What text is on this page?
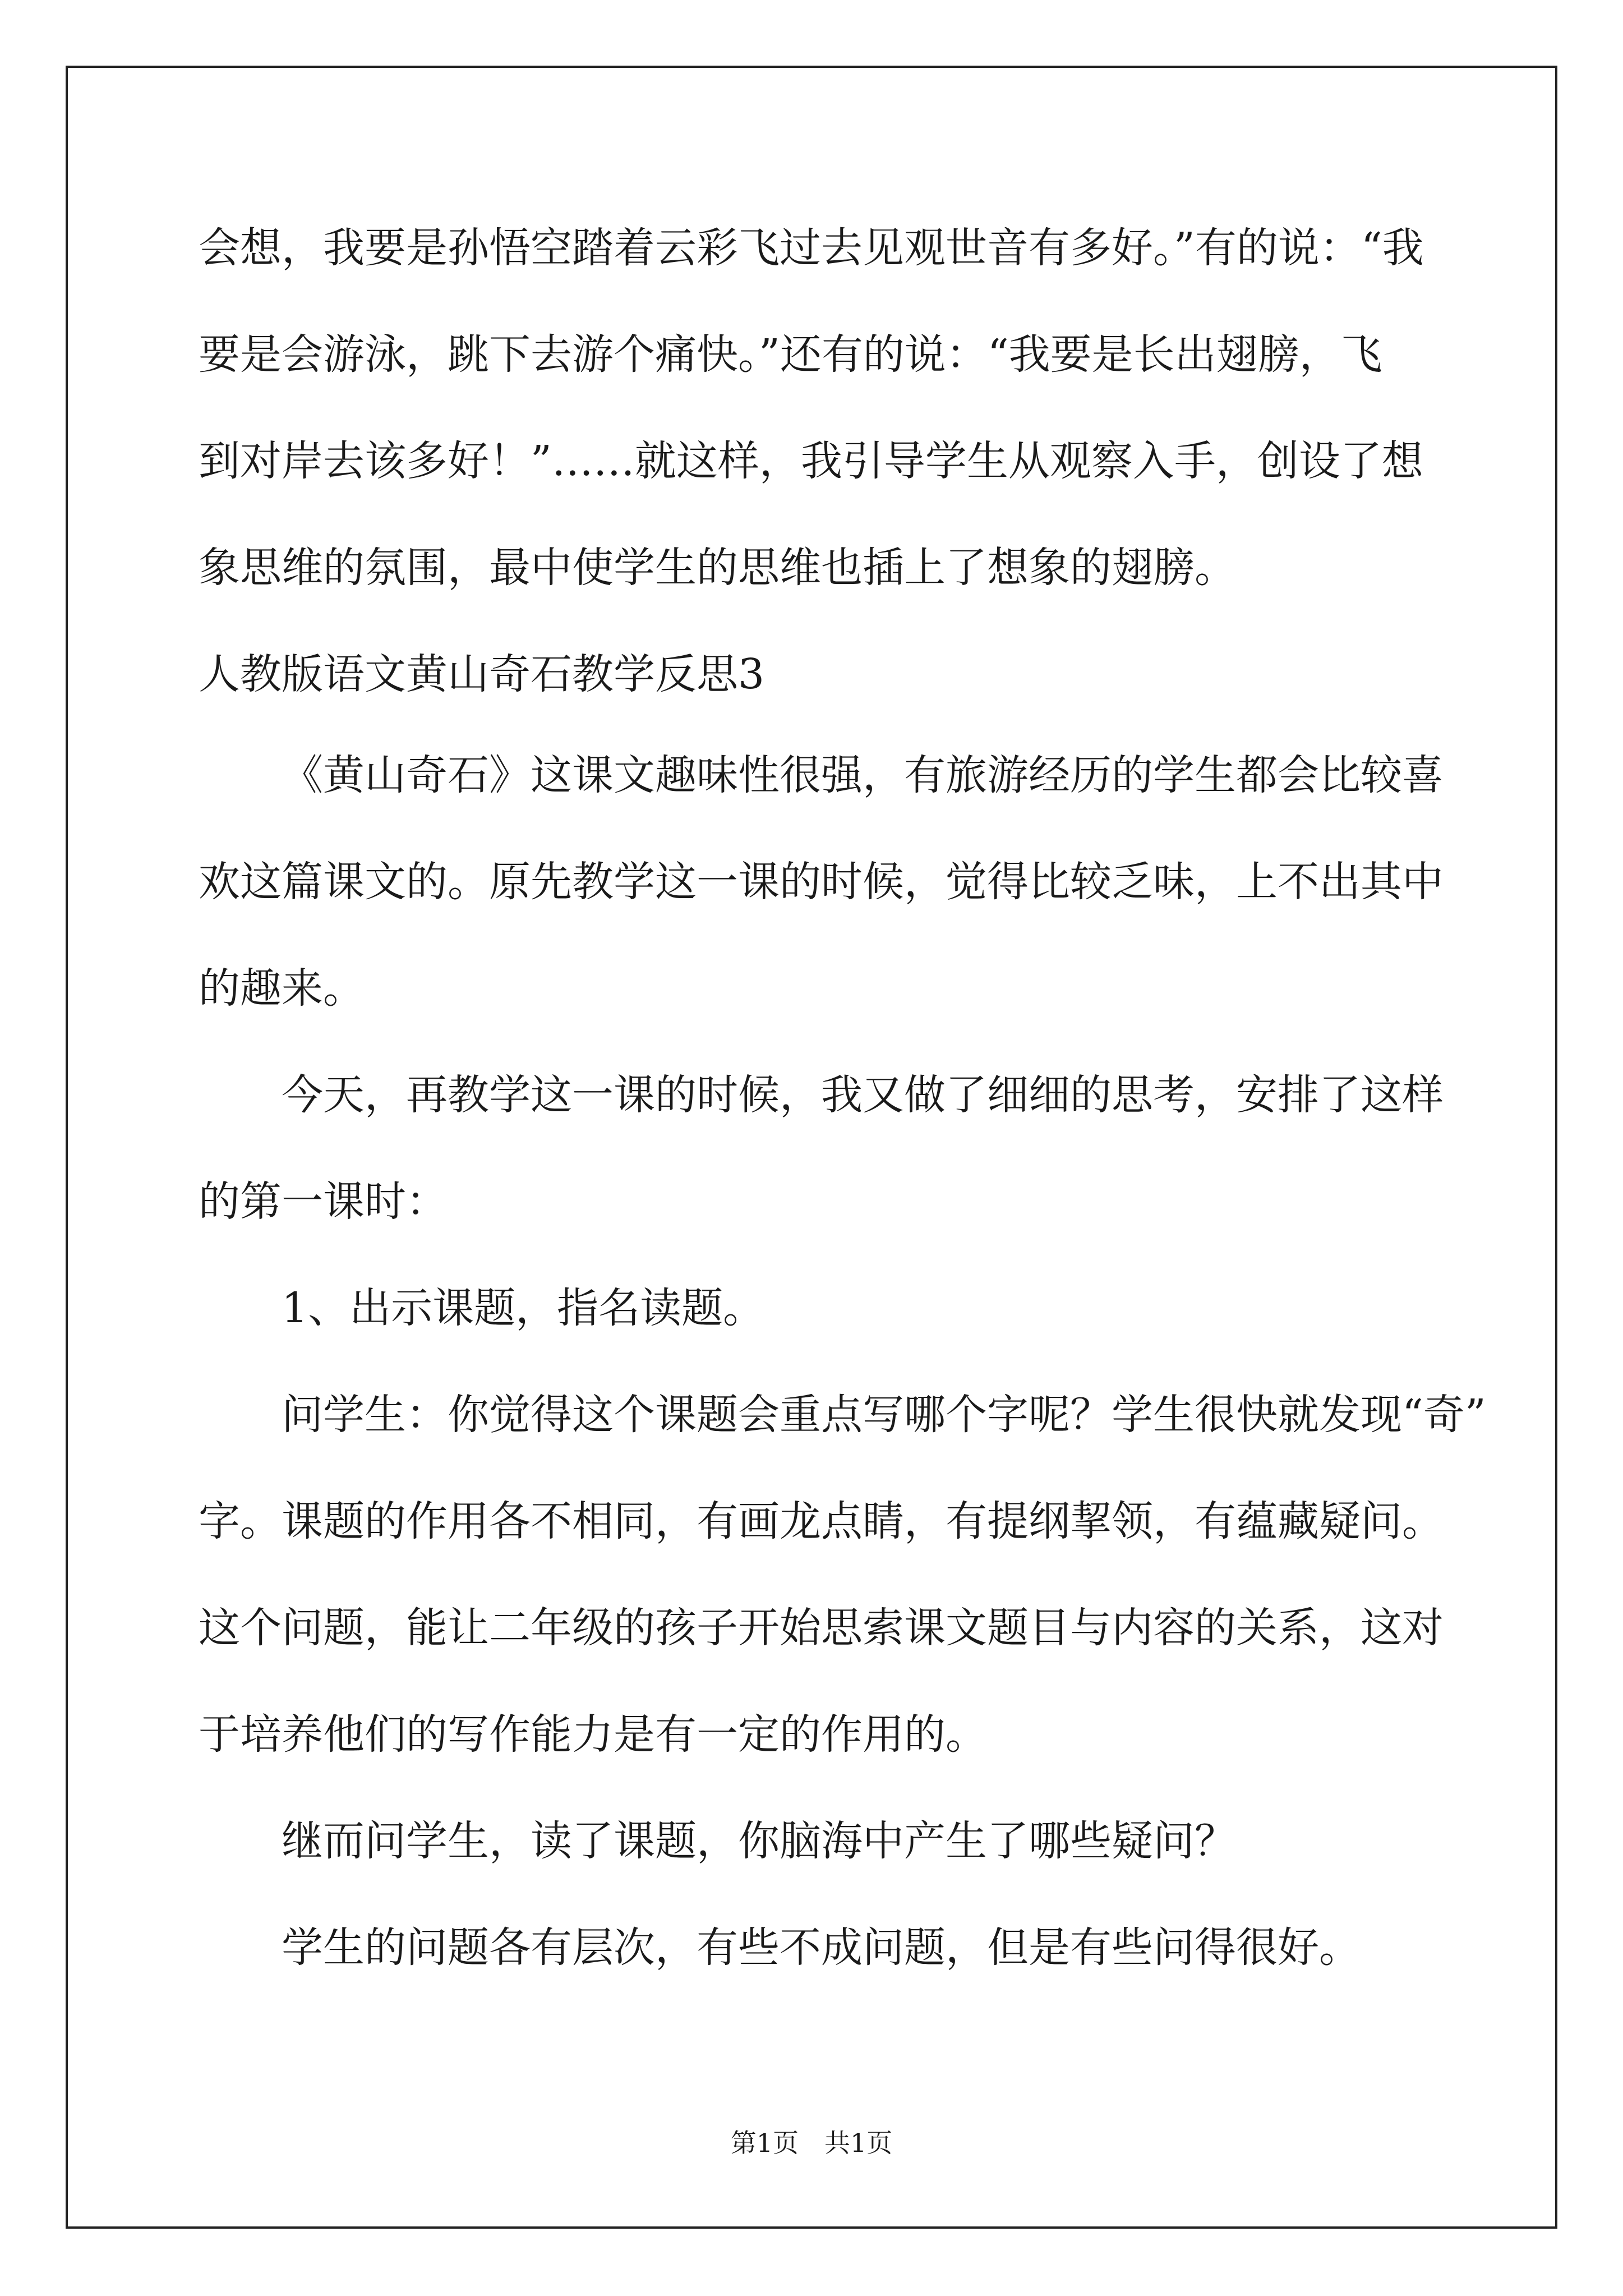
会想，我要是孙悟空踏着云彩飞过去见观世音有多好。”有的说：“我
要是会游泳，跳下去游个痛快。”还有的说：“我要是长出翅膀，飞
到对岸去该多好！”……就这样，我引导学生从观察入手，创设了想
象思维的氛围，最中使学生的思维也插上了想象的翅膀。
人教版语文黄山奇石教学反思3
《黄山奇石》这课文趣味性很强，有旅游经历的学生都会比较喜
欢这篇课文的。原先教学这一课的时候，觉得比较乏味，上不出其中
的趣来。
今天，再教学这一课的时候，我又做了细细的思考，安排了这样
的第一课时：
1、出示课题，指名读题。
问学生：你觉得这个课题会重点写哪个字呢？学生很快就发现“奇”
字。课题的作用各不相同，有画龙点睛，有提纲挈领，有蕴藏疑问。
这个问题，能让二年级的孩子开始思索课文题目与内容的关系，这对
于培养他们的写作能力是有一定的作用的。
继而问学生，读了课题，你脑海中产生了哪些疑问？
学生的问题各有层次，有些不成问题，但是有些问得很好。
第1页　共1页
